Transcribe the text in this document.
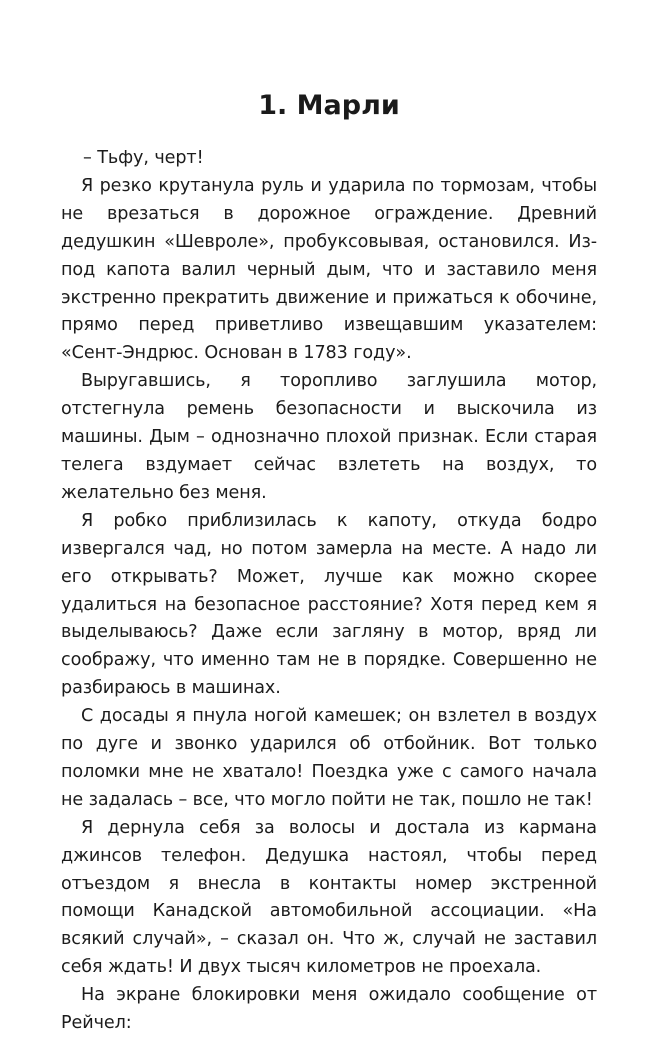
1. Марли

– Тьфу, черт!

Я резко крутанула руль и ударила по тормозам, чтобы не врезаться в дорожное ограждение. Древний дедушкин «Шевроле», пробуксовывая, остановился. Из-под капота валил черный дым, что и заставило меня экстренно прекратить движение и прижаться к обочине, прямо перед приветливо извещавшим указателем: «Сент-Эндрюс. Основан в 1783 году».

Выругавшись, я торопливо заглушила мотор, отстегнула ремень безопасности и выскочила из машины. Дым – однозначно плохой признак. Если старая телега вздумает сейчас взлететь на воздух, то желательно без меня.

Я робко приблизилась к капоту, откуда бодро извергался чад, но потом замерла на месте. А надо ли его открывать? Может, лучше как можно скорее удалиться на безопасное расстояние? Хотя перед кем я выделываюсь? Даже если загляну в мотор, вряд ли соображу, что именно там не в порядке. Совершенно не разбираюсь в машинах.

С досады я пнула ногой камешек; он взлетел в воздух по дуге и звонко ударился об отбойник. Вот только поломки мне не хватало! Поездка уже с самого начала не задалась – все, что могло пойти не так, пошло не так!

Я дернула себя за волосы и достала из кармана джинсов телефон. Дедушка настоял, чтобы перед отъездом я внесла в контакты номер экстренной помощи Канадской автомобильной ассоциации. «На всякий случай», – сказал он. Что ж, случай не заставил себя ждать! И двух тысяч километров не проехала.

На экране блокировки меня ожидало сообщение от Рейчел:
